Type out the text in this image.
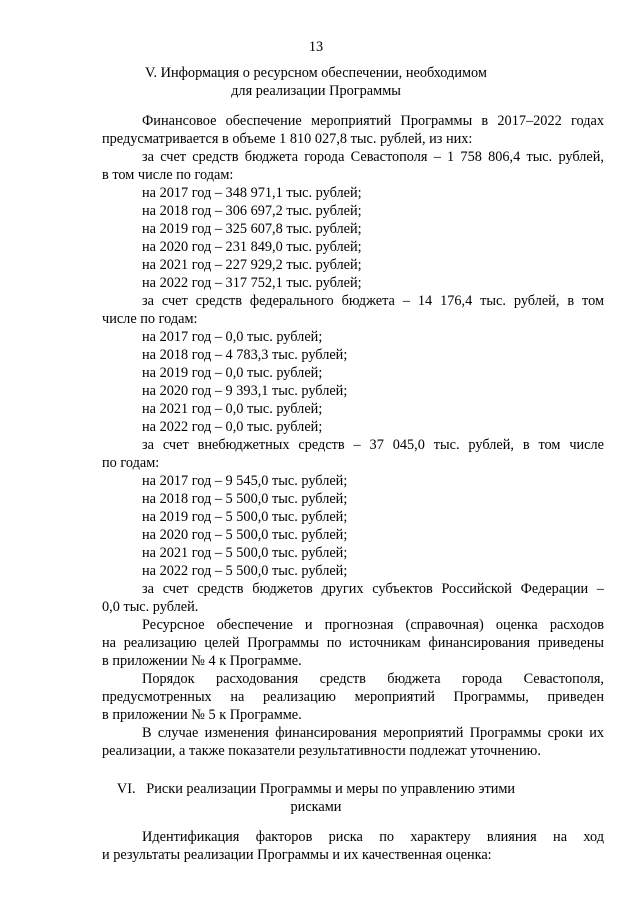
13
V. Информация о ресурсном обеспечении, необходимом
для реализации Программы
Финансовое обеспечение мероприятий Программы в 2017–2022 годах
предусматривается в объеме 1 810 027,8 тыс. рублей, из них:
за счет средств бюджета города Севастополя – 1 758 806,4 тыс. рублей,
в том числе по годам:
на 2017 год – 348 971,1 тыс. рублей;
на 2018 год – 306 697,2 тыс. рублей;
на 2019 год – 325 607,8 тыс. рублей;
на 2020 год – 231 849,0 тыс. рублей;
на 2021 год – 227 929,2 тыс. рублей;
на 2022 год – 317 752,1 тыс. рублей;
за счет средств федерального бюджета – 14 176,4 тыс. рублей, в том
числе по годам:
на 2017 год – 0,0 тыс. рублей;
на 2018 год – 4 783,3 тыс. рублей;
на 2019 год – 0,0 тыс. рублей;
на 2020 год – 9 393,1 тыс. рублей;
на 2021 год – 0,0 тыс. рублей;
на 2022 год – 0,0 тыс. рублей;
за счет внебюджетных средств – 37 045,0 тыс. рублей, в том числе
по годам:
на 2017 год – 9 545,0 тыс. рублей;
на 2018 год – 5 500,0 тыс. рублей;
на 2019 год – 5 500,0 тыс. рублей;
на 2020 год – 5 500,0 тыс. рублей;
на 2021 год – 5 500,0 тыс. рублей;
на 2022 год – 5 500,0 тыс. рублей;
за счет средств бюджетов других субъектов Российской Федерации –
0,0 тыс. рублей.
Ресурсное обеспечение и прогнозная (справочная) оценка расходов
на реализацию целей Программы по источникам финансирования приведены
в приложении № 4 к Программе.
Порядок расходования средств бюджета города Севастополя,
предусмотренных на реализацию мероприятий Программы, приведен
в приложении № 5 к Программе.
В случае изменения финансирования мероприятий Программы сроки их
реализации, а также показатели результативности подлежат уточнению.
VI.   Риски реализации Программы и меры по управлению этими
рисками
Идентификация факторов риска по характеру влияния на ход
и результаты реализации Программы и их качественная оценка:
